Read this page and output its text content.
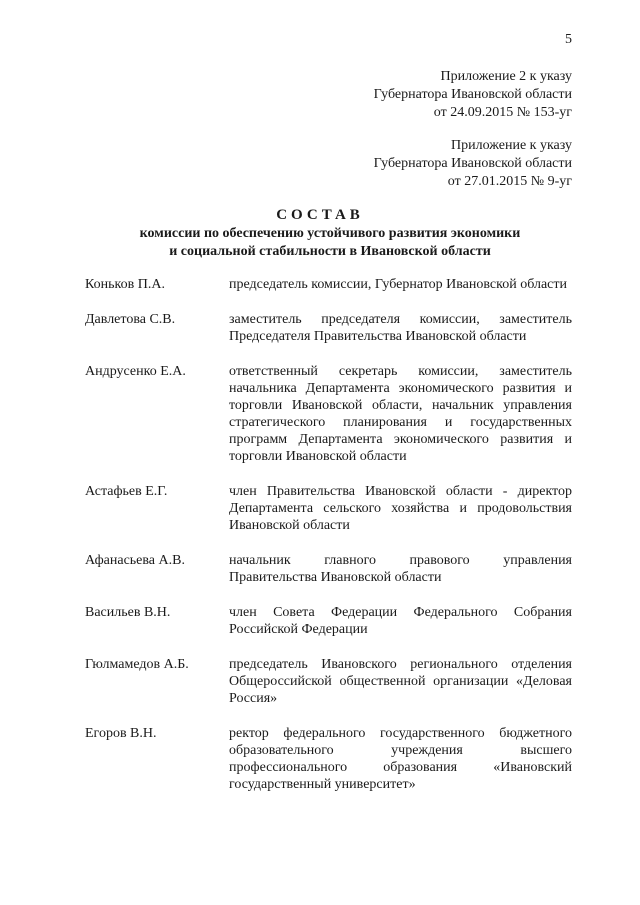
5
Приложение 2 к указу
Губернатора Ивановской области
от 24.09.2015 № 153-уг
Приложение к указу
Губернатора Ивановской области
от 27.01.2015 № 9-уг
СОСТАВ
комиссии по обеспечению устойчивого развития экономики
и социальной стабильности в Ивановской области
Коньков П.А.	председатель комиссии, Губернатор Ивановской области
Давлетова С.В.	заместитель председателя комиссии, заместитель Председателя Правительства Ивановской области
Андрусенко Е.А.	ответственный секретарь комиссии, заместитель начальника Департамента экономического развития и торговли Ивановской области, начальник управления стратегического планирования и государственных программ Департамента экономического развития и торговли Ивановской области
Астафьев Е.Г.	член Правительства Ивановской области - директор Департамента сельского хозяйства и продовольствия Ивановской области
Афанасьева А.В.	начальник главного правового управления Правительства Ивановской области
Васильев В.Н.	член Совета Федерации Федерального Собрания Российской Федерации
Гюлмамедов А.Б.	председатель Ивановского регионального отделения Общероссийской общественной организации «Деловая Россия»
Егоров В.Н.	ректор федерального государственного бюджетного образовательного учреждения высшего профессионального образования «Ивановский государственный университет»
